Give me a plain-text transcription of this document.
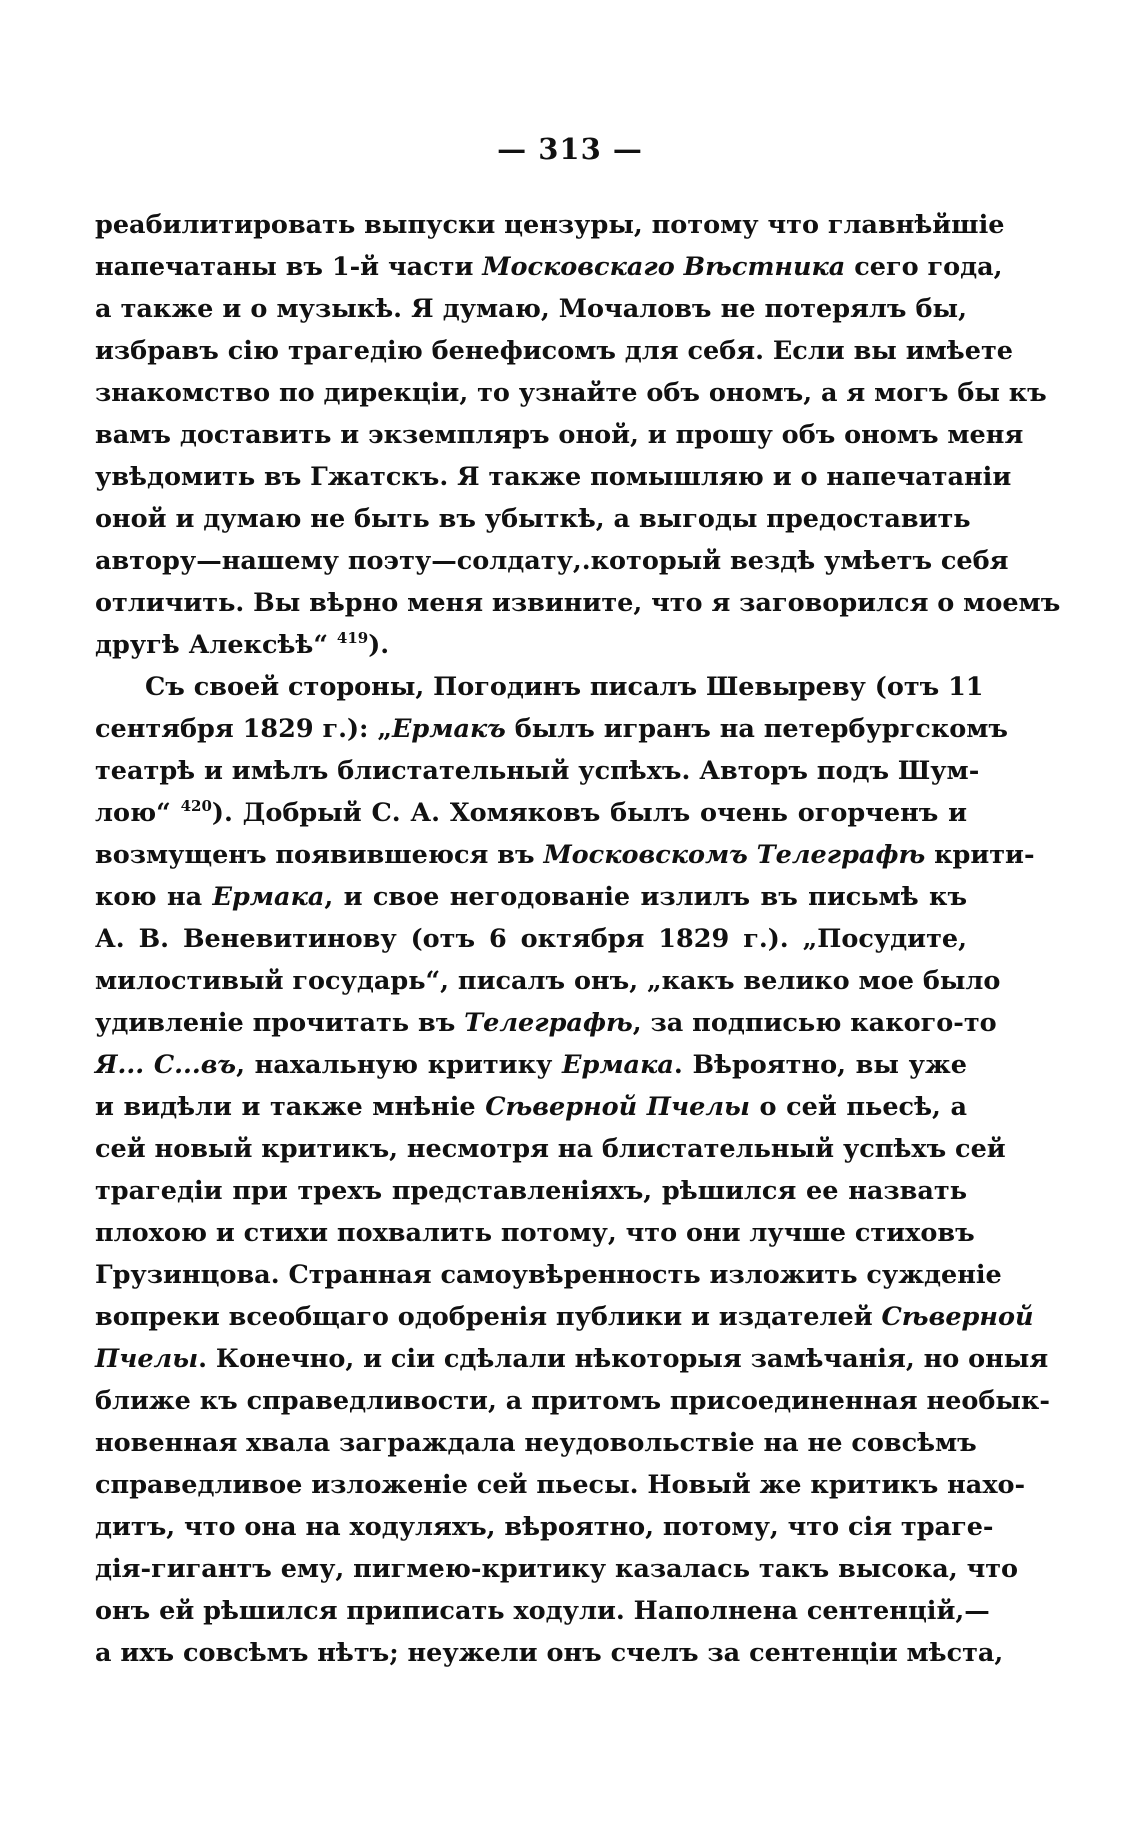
— 313 —
реабилитировать выпуски цензуры, потому что главнѣйшіе
напечатаны въ 1-й части Московскаго Вѣстника сего года,
а также и о музыкѣ. Я думаю, Мочаловъ не потерялъ бы,
избравъ сію трагедію бенефисомъ для себя. Если вы имѣете
знакомство по дирекціи, то узнайте объ ономъ, а я могъ бы къ
вамъ доставить и экземпляръ оной, и прошу объ ономъ меня
увѣдомить въ Гжатскъ. Я также помышляю и о напечатаніи
оной и думаю не быть въ убыткѣ, а выгоды предоставить
автору—нашему поэту—солдату,.который вездѣ умѣетъ себя
отличить. Вы вѣрно меня извините, что я заговорился о моемъ
другѣ Алексѣѣ“ $^{419}$).
Съ своей стороны, Погодинъ писалъ Шевыреву (отъ 11
сентября 1829 г.): „Ермакъ былъ игранъ на петербургскомъ
театрѣ и имѣлъ блистательный успѣхъ. Авторъ подъ Шум-
лою“ $^{420}$). Добрый С. А. Хомяковъ былъ очень огорченъ и
возмущенъ появившеюся въ Московскомъ Телеграфѣ крити-
кою на Ермака, и свое негодованіе излилъ въ письмѣ къ
А. В. Веневитинову (отъ 6 октября 1829 г.). „Посудите,
милостивый государь“, писалъ онъ, „какъ велико мое было
удивленіе прочитать въ Телеграфѣ, за подписью какого-то
Я... С...въ, нахальную критику Ермака. Вѣроятно, вы уже
и видѣли и также мнѣніе Сѣверной Пчелы о сей пьесѣ, а
сей новый критикъ, несмотря на блистательный успѣхъ сей
трагедіи при трехъ представленіяхъ, рѣшился ее назвать
плохою и стихи похвалить потому, что они лучше стиховъ
Грузинцова. Странная самоувѣренность изложить сужденіе
вопреки всеобщаго одобренія публики и издателей Сѣверной
Пчелы. Конечно, и сіи сдѣлали нѣкоторыя замѣчанія, но оныя
ближе къ справедливости, а притомъ присоединенная необык-
новенная хвала заграждала неудовольствіе на не совсѣмъ
справедливое изложеніе сей пьесы. Новый же критикъ нахо-
дитъ, что она на ходуляхъ, вѣроятно, потому, что сія траге-
дія-гигантъ ему, пигмею-критику казалась такъ высока, что
онъ ей рѣшился приписать ходули. Наполнена сентенцій,—
а ихъ совсѣмъ нѣтъ; неужели онъ счелъ за сентенціи мѣста,
